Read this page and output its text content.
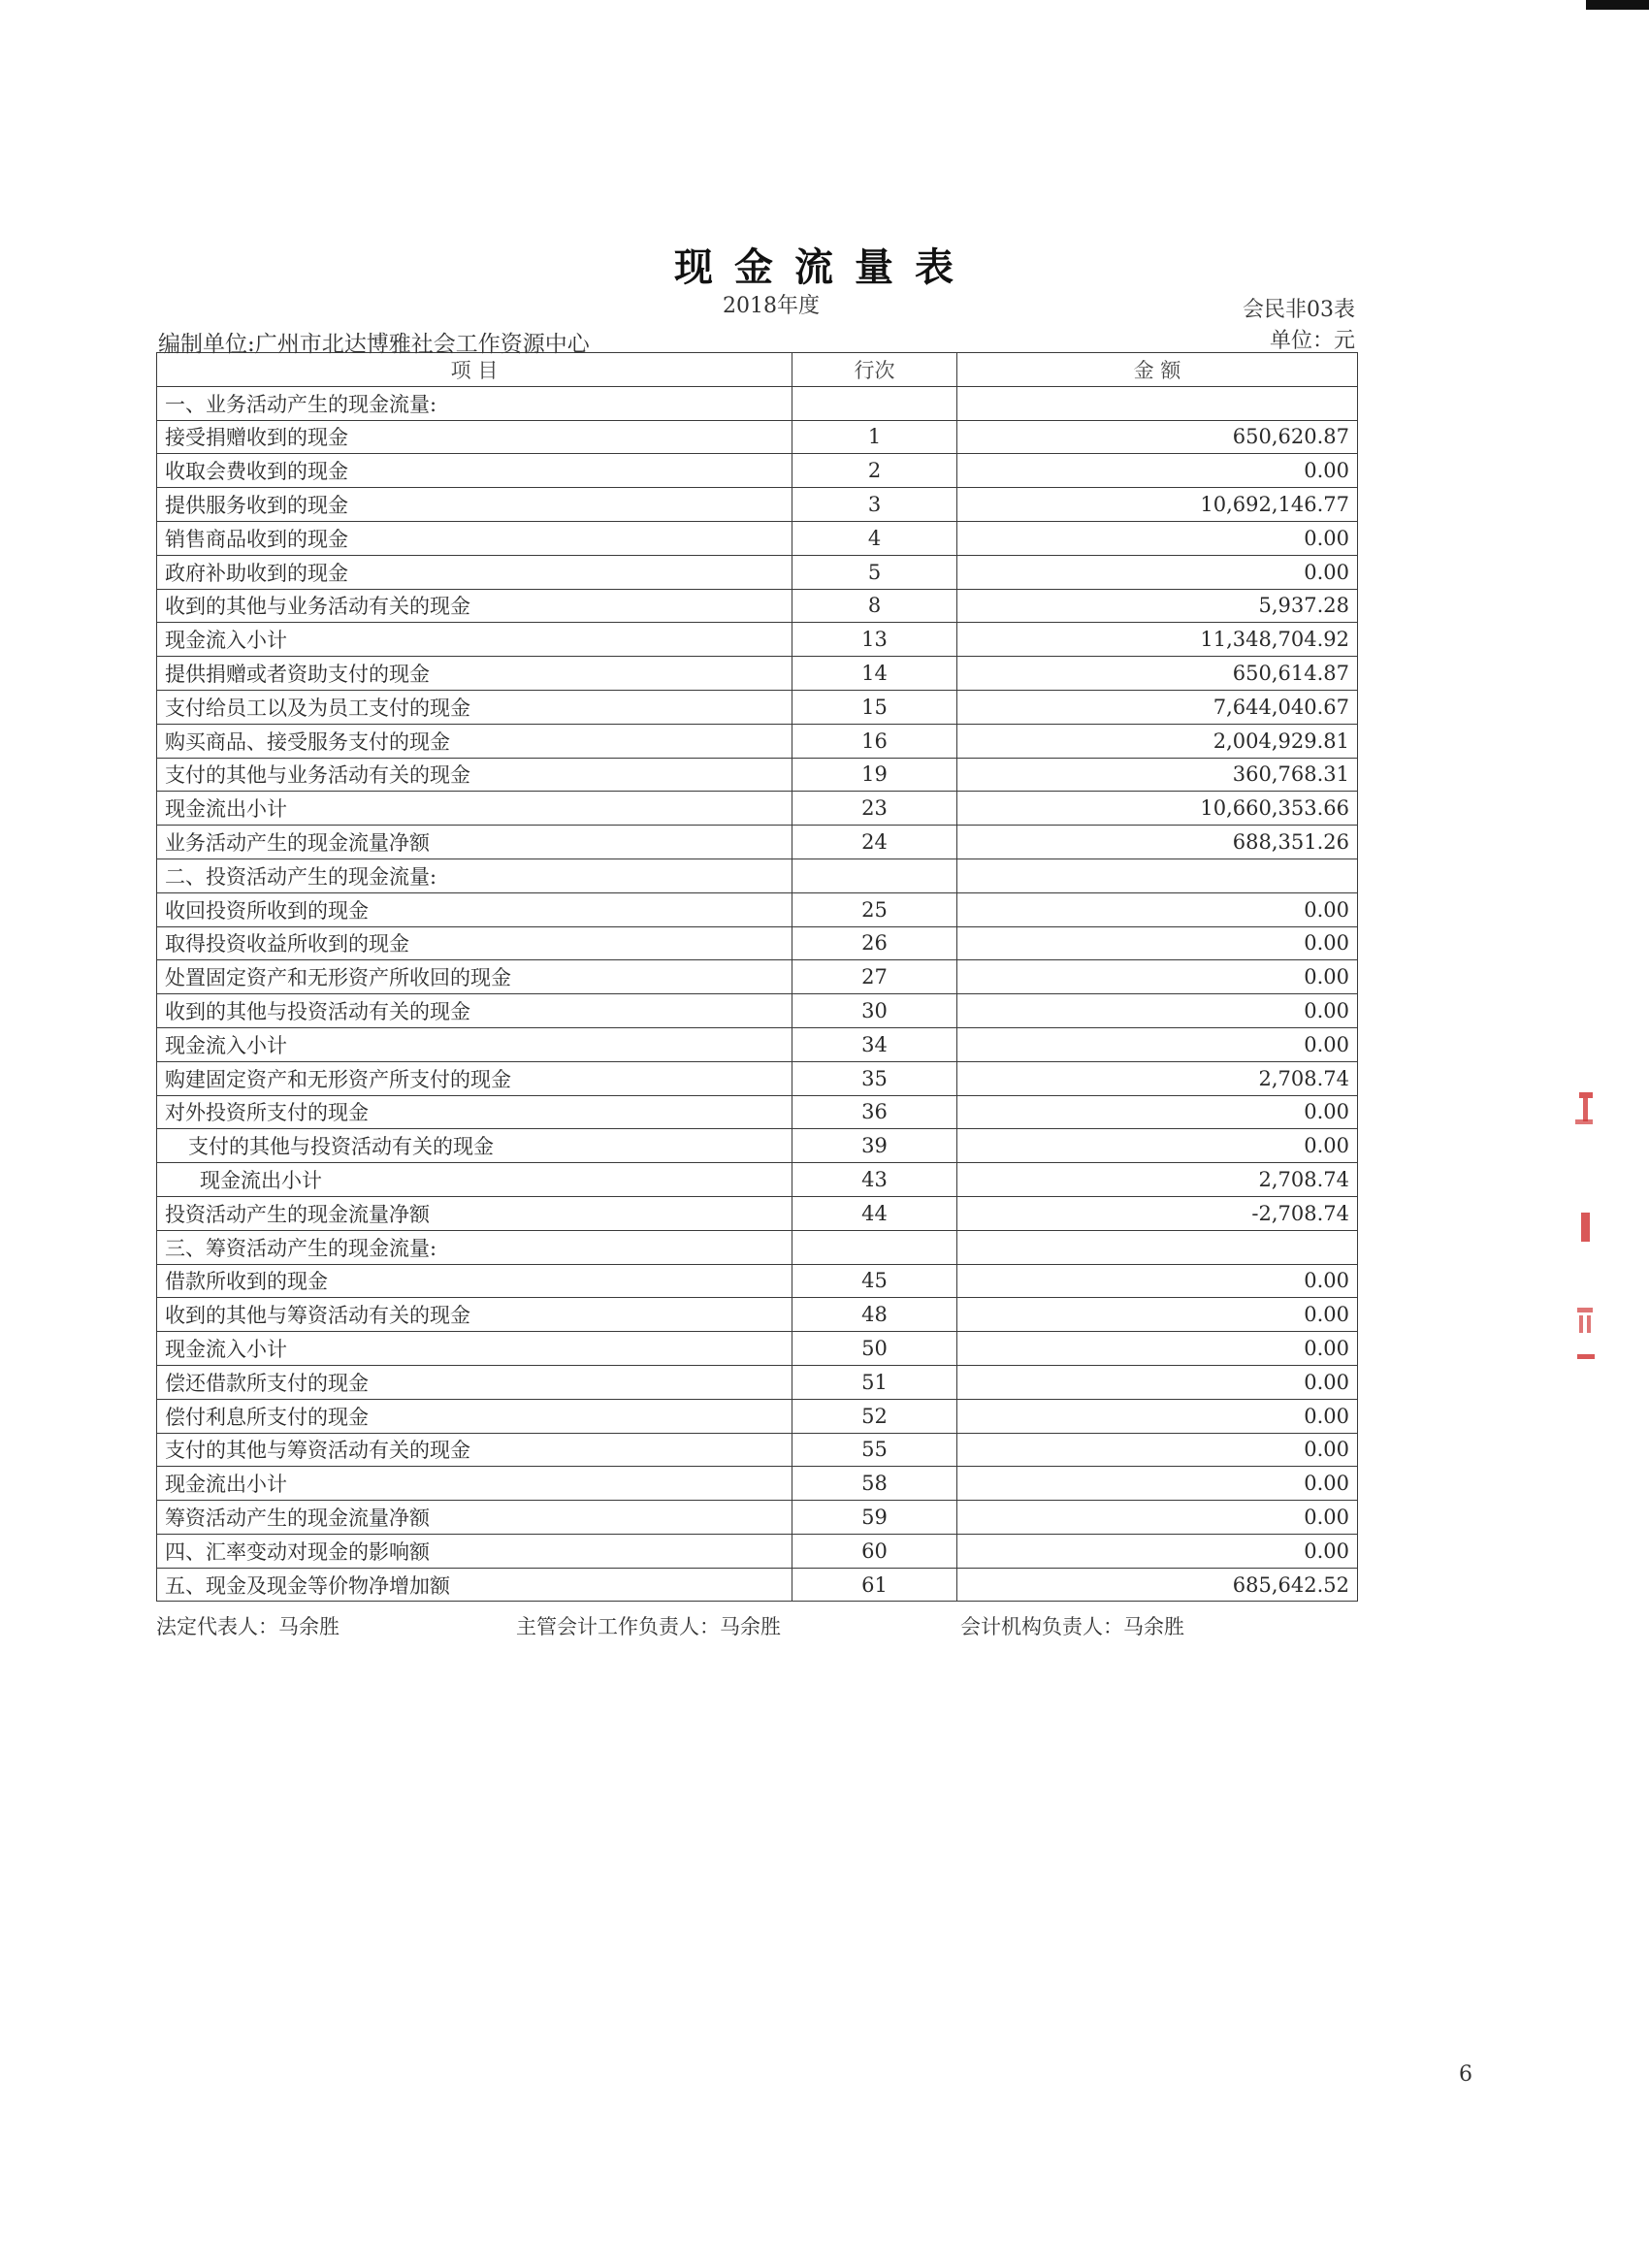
现金流量表
2018年度	会民非03表
编制单位:广州市北达博雅社会工作资源中心	单位：元
项 目	行次	金 额
一、业务活动产生的现金流量:		
接受捐赠收到的现金	1	650,620.87
收取会费收到的现金	2	0.00
提供服务收到的现金	3	10,692,146.77
销售商品收到的现金	4	0.00
政府补助收到的现金	5	0.00
收到的其他与业务活动有关的现金	8	5,937.28
现金流入小计	13	11,348,704.92
提供捐赠或者资助支付的现金	14	650,614.87
支付给员工以及为员工支付的现金	15	7,644,040.67
购买商品、接受服务支付的现金	16	2,004,929.81
支付的其他与业务活动有关的现金	19	360,768.31
现金流出小计	23	10,660,353.66
业务活动产生的现金流量净额	24	688,351.26
二、投资活动产生的现金流量:		
收回投资所收到的现金	25	0.00
取得投资收益所收到的现金	26	0.00
处置固定资产和无形资产所收回的现金	27	0.00
收到的其他与投资活动有关的现金	30	0.00
现金流入小计	34	0.00
购建固定资产和无形资产所支付的现金	35	2,708.74
对外投资所支付的现金	36	0.00
支付的其他与投资活动有关的现金	39	0.00
现金流出小计	43	2,708.74
投资活动产生的现金流量净额	44	-2,708.74
三、筹资活动产生的现金流量:		
借款所收到的现金	45	0.00
收到的其他与筹资活动有关的现金	48	0.00
现金流入小计	50	0.00
偿还借款所支付的现金	51	0.00
偿付利息所支付的现金	52	0.00
支付的其他与筹资活动有关的现金	55	0.00
现金流出小计	58	0.00
筹资活动产生的现金流量净额	59	0.00
四、汇率变动对现金的影响额	60	0.00
五、现金及现金等价物净增加额	61	685,642.52
法定代表人：马余胜	主管会计工作负责人：马余胜	会计机构负责人：马余胜
6
